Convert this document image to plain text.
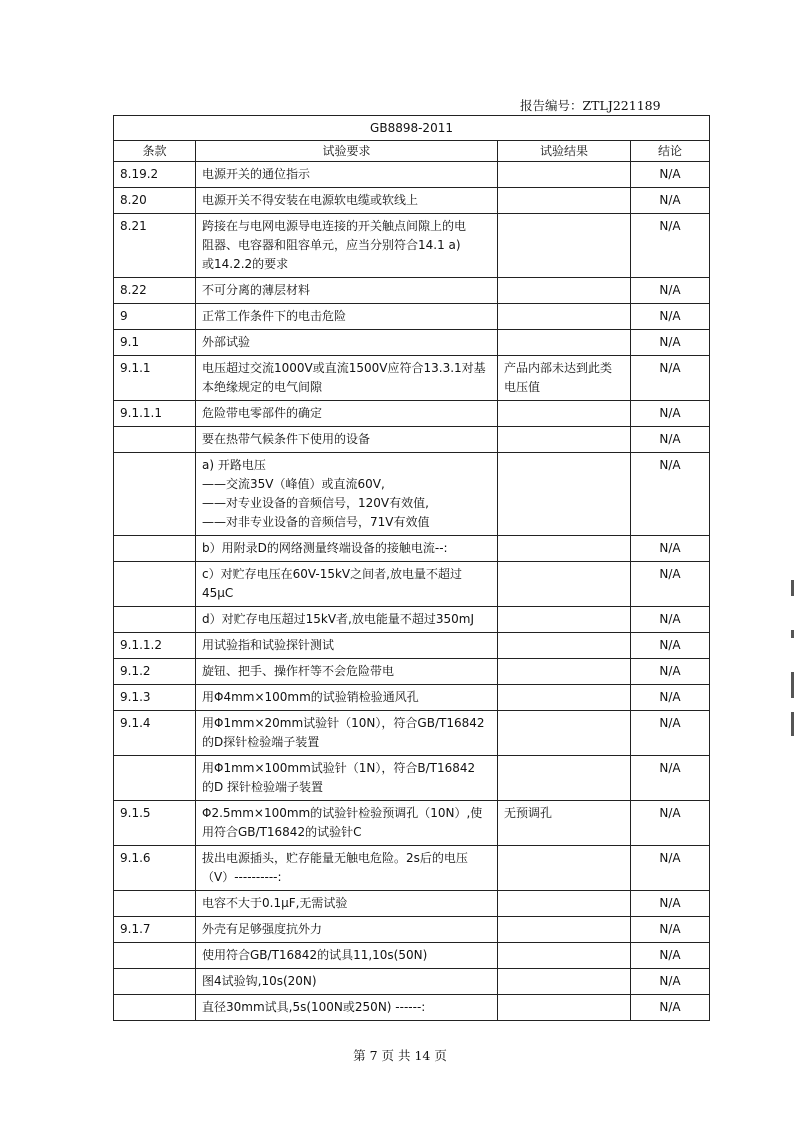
报告编号：ZTLJ221189
GB8898-2011			
条款	试验要求	试验结果	结论
8.19.2	电源开关的通位指示		N/A
8.20	电源开关不得安装在电源软电缆或软线上		N/A
8.21	跨接在与电网电源导电连接的开关触点间隙上的电
阻器、电容器和阻容单元，应当分别符合14.1 a)
或14.2.2的要求		N/A
8.22	不可分离的薄层材料		N/A
9	正常工作条件下的电击危险		N/A
9.1	外部试验		N/A
9.1.1	电压超过交流1000V或直流1500V应符合13.3.1对基
本绝缘规定的电气间隙	产品内部未达到此类
电压值	N/A
9.1.1.1	危险带电零部件的确定		N/A

	要在热带气候条件下使用的设备		N/A

	a) 开路电压
——交流35V（峰值）或直流60V,
——对专业设备的音频信号，120V有效值,
——对非专业设备的音频信号，71V有效值		N/A

	b）用附录D的网络测量终端设备的接触电流--:		N/A

	c）对贮存电压在60V-15kV之间者,放电量不超过
45μC		N/A

	d）对贮存电压超过15kV者,放电能量不超过350mJ		N/A
9.1.1.2	用试验指和试验探针测试		N/A
9.1.2	旋钮、把手、操作杆等不会危险带电		N/A
9.1.3	用Φ4mm×100mm的试验销检验通风孔		N/A
9.1.4	用Φ1mm×20mm试验针（10N），符合GB/T16842
的D探针检验端子装置		N/A

	用Φ1mm×100mm试验针（1N），符合B/T16842
的D 探针检验端子装置		N/A
9.1.5	Φ2.5mm×100mm的试验针检验预调孔（10N）,使
用符合GB/T16842的试验针C	无预调孔	N/A
9.1.6	拔出电源插头，贮存能量无触电危险。2s后的电压
（V）----------:		N/A

	电容不大于0.1μF,无需试验		N/A
9.1.7	外壳有足够强度抗外力		N/A

	使用符合GB/T16842的试具11,10s(50N)		N/A

	图4试验钩,10s(20N)		N/A

	直径30mm试具,5s(100N或250N) ------:		N/A
第 7 页 共 14 页
